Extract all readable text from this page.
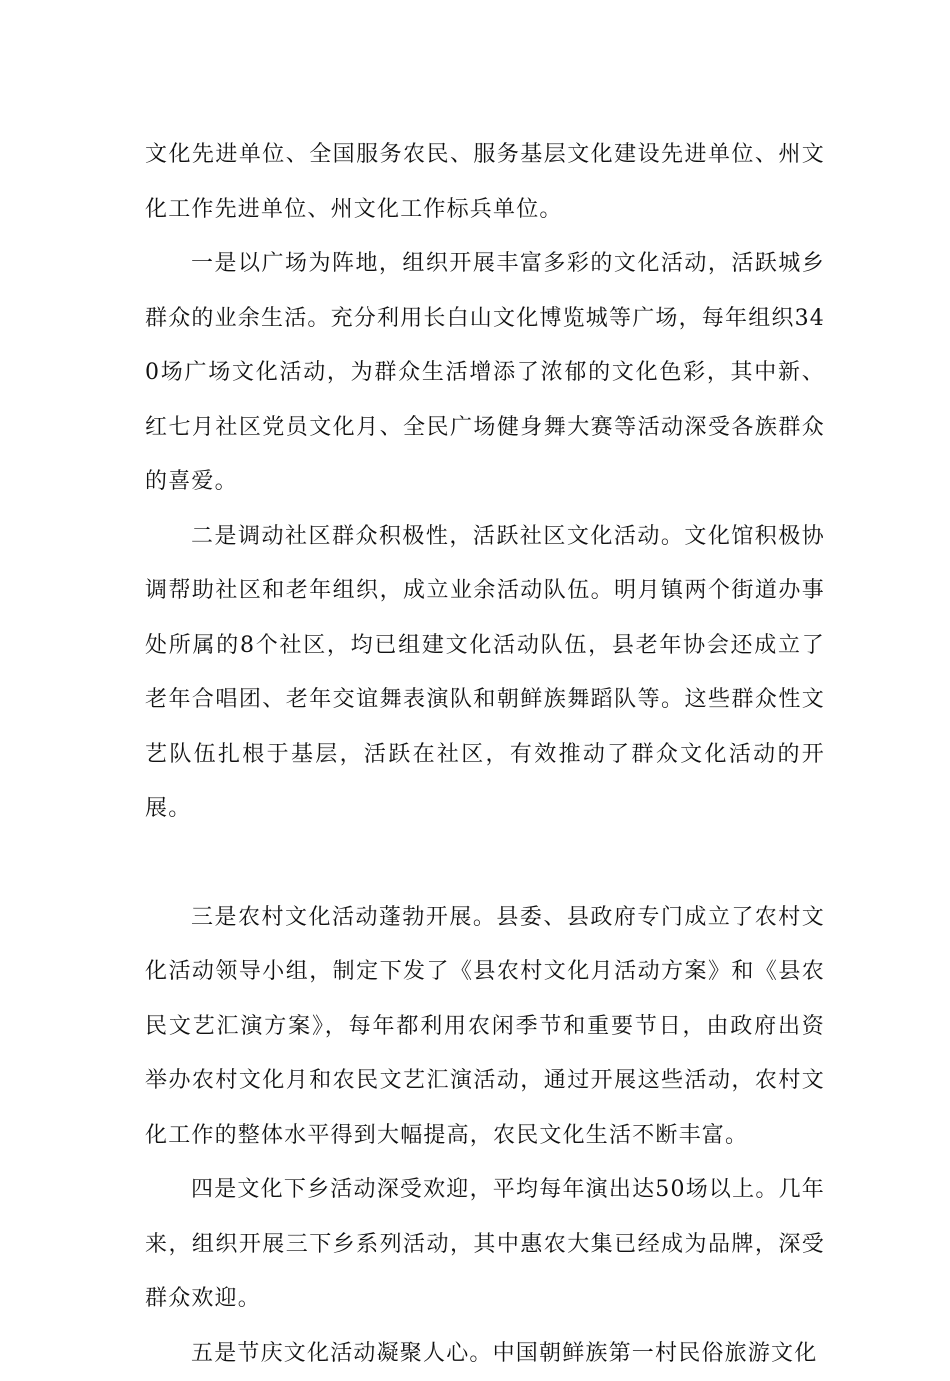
文化先进单位、全国服务农民、服务基层文化建设先进单位、州文化工作先进单位、州文化工作标兵单位。

一是以广场为阵地，组织开展丰富多彩的文化活动，活跃城乡群众的业余生活。充分利用长白山文化博览城等广场，每年组织340场广场文化活动，为群众生活增添了浓郁的文化色彩，其中新、红七月社区党员文化月、全民广场健身舞大赛等活动深受各族群众的喜爱。

二是调动社区群众积极性，活跃社区文化活动。文化馆积极协调帮助社区和老年组织，成立业余活动队伍。明月镇两个街道办事处所属的8个社区，均已组建文化活动队伍，县老年协会还成立了老年合唱团、老年交谊舞表演队和朝鲜族舞蹈队等。这些群众性文艺队伍扎根于基层，活跃在社区，有效推动了群众文化活动的开展。

三是农村文化活动蓬勃开展。县委、县政府专门成立了农村文化活动领导小组，制定下发了《县农村文化月活动方案》和《县农民文艺汇演方案》，每年都利用农闲季节和重要节日，由政府出资举办农村文化月和农民文艺汇演活动，通过开展这些活动，农村文化工作的整体水平得到大幅提高，农民文化生活不断丰富。

四是文化下乡活动深受欢迎，平均每年演出达50场以上。几年来，组织开展三下乡系列活动，其中惠农大集已经成为品牌，深受群众欢迎。

五是节庆文化活动凝聚人心。中国朝鲜族第一村民俗旅游文化
